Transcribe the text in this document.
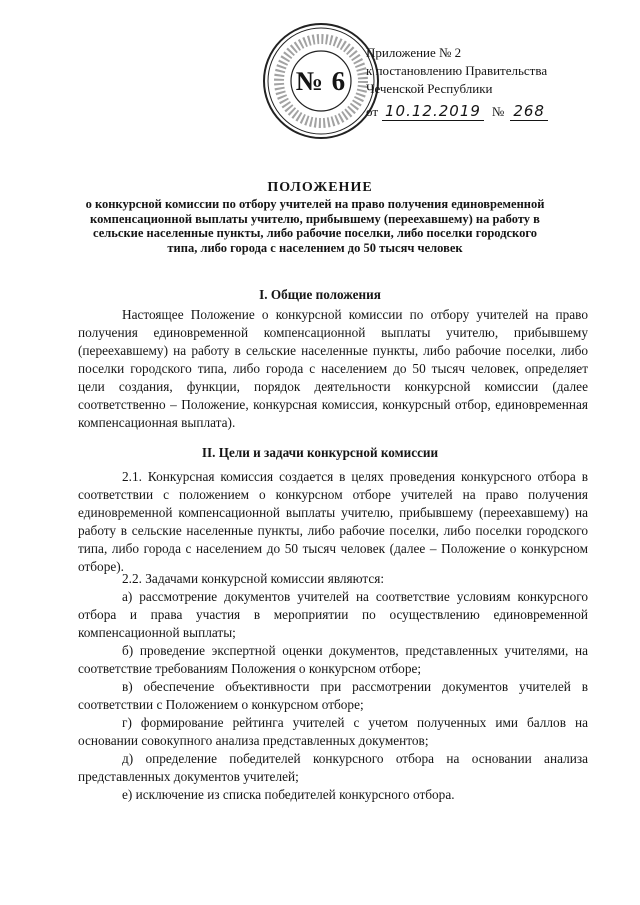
№ 6
Приложение № 2
к постановлению Правительства
Чеченской Республики
от 10.12.2019 № 268
ПОЛОЖЕНИЕ
о конкурсной комиссии по отбору учителей на право получения единовременной компенсационной выплаты учителю, прибывшему (переехавшему) на работу в сельские населенные пункты, либо рабочие поселки, либо поселки городского типа, либо города с населением до 50 тысяч человек
I. Общие положения
Настоящее Положение о конкурсной комиссии по отбору учителей на право получения единовременной компенсационной выплаты учителю, прибывшему (переехавшему) на работу в сельские населенные пункты, либо рабочие поселки, либо поселки городского типа, либо города с населением до 50 тысяч человек, определяет цели создания, функции, порядок деятельности конкурсной комиссии (далее соответственно – Положение, конкурсная комиссия, конкурсный отбор, единовременная компенсационная выплата).
II. Цели и задачи конкурсной комиссии
2.1. Конкурсная комиссия создается в целях проведения конкурсного отбора в соответствии с положением о конкурсном отборе учителей на право получения единовременной компенсационной выплаты учителю, прибывшему (переехавшему) на работу в сельские населенные пункты, либо рабочие поселки, либо поселки городского типа, либо города с населением до 50 тысяч человек (далее – Положение о конкурсном отборе).
2.2. Задачами конкурсной комиссии являются:
а) рассмотрение документов учителей на соответствие условиям конкурсного отбора и права участия в мероприятии по осуществлению единовременной компенсационной выплаты;
б) проведение экспертной оценки документов, представленных учителями, на соответствие требованиям Положения о конкурсном отборе;
в) обеспечение объективности при рассмотрении документов учителей в соответствии с Положением о конкурсном отборе;
г) формирование рейтинга учителей с учетом полученных ими баллов на основании совокупного анализа представленных документов;
д) определение победителей конкурсного отбора на основании анализа представленных документов учителей;
е) исключение из списка победителей конкурсного отбора.
